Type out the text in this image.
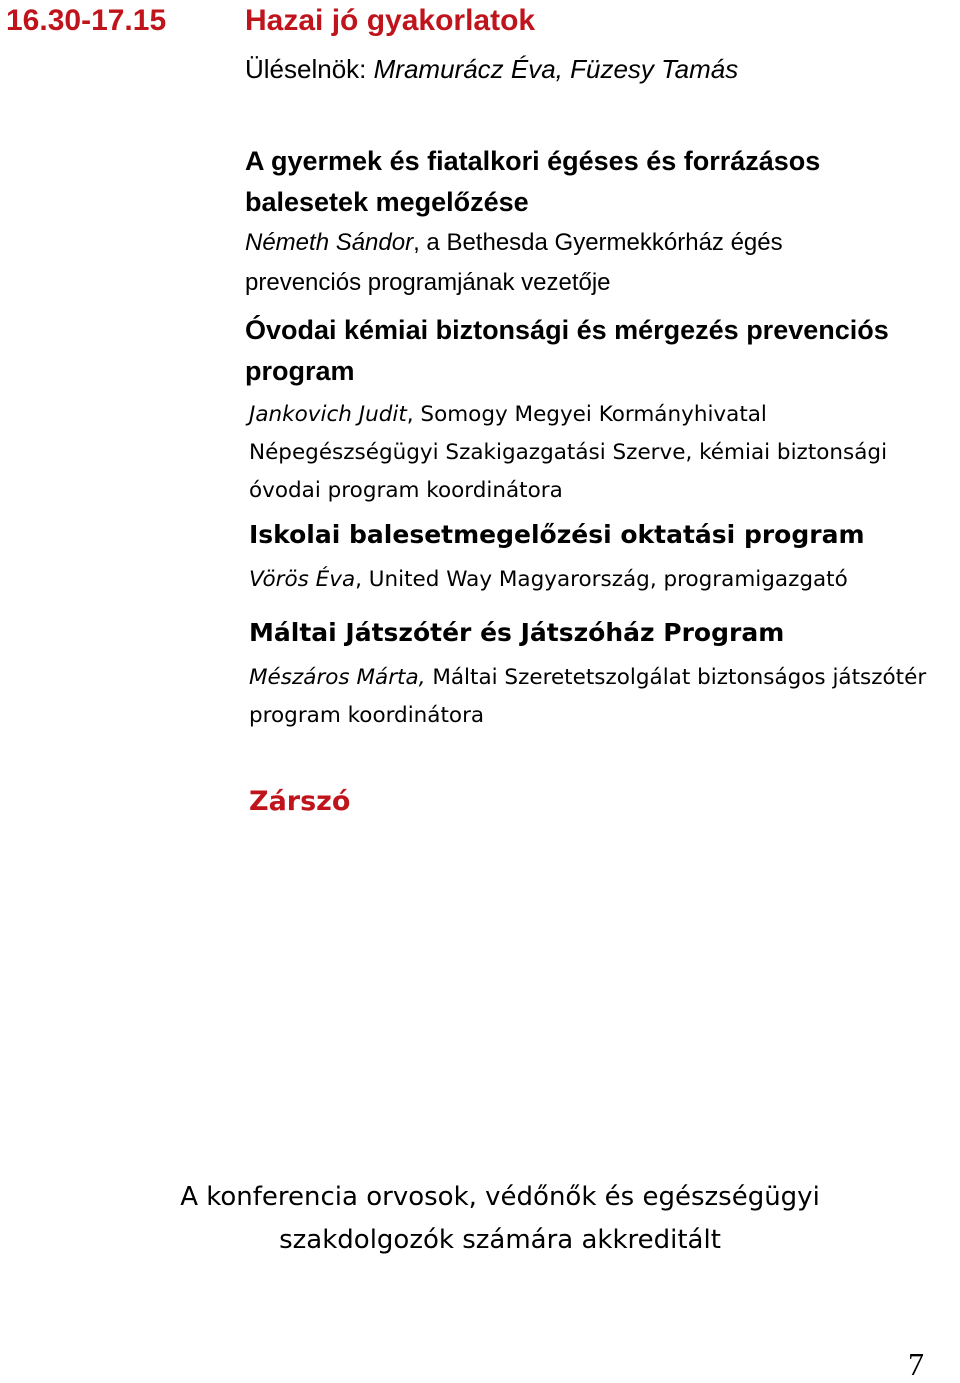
16.30-17.15	Hazai jó gyakorlatok
Üléselnök: Mramurácz Éva, Füzesy Tamás
A gyermek és fiatalkori égéses és forrázásos balesetek megelőzése
Németh Sándor, a Bethesda Gyermekkórház égés prevenciós programjának vezetője
Óvodai kémiai biztonsági és mérgezés prevenciós program
Jankovich Judit, Somogy Megyei Kormányhivatal Népegészségügyi Szakigazgatási Szerve, kémiai biztonsági óvodai program koordinátora
Iskolai balesetmegelőzési oktatási program
Vörös Éva, United Way Magyarország, programigazgató
Máltai Játszótér és Játszóház Program
Mészáros Márta, Máltai Szeretetszolgálat biztonságos játszótér program koordinátora
Zárszó
A konferencia orvosok, védőnők és egészségügyi
szakdolgozók számára akkreditált
7
